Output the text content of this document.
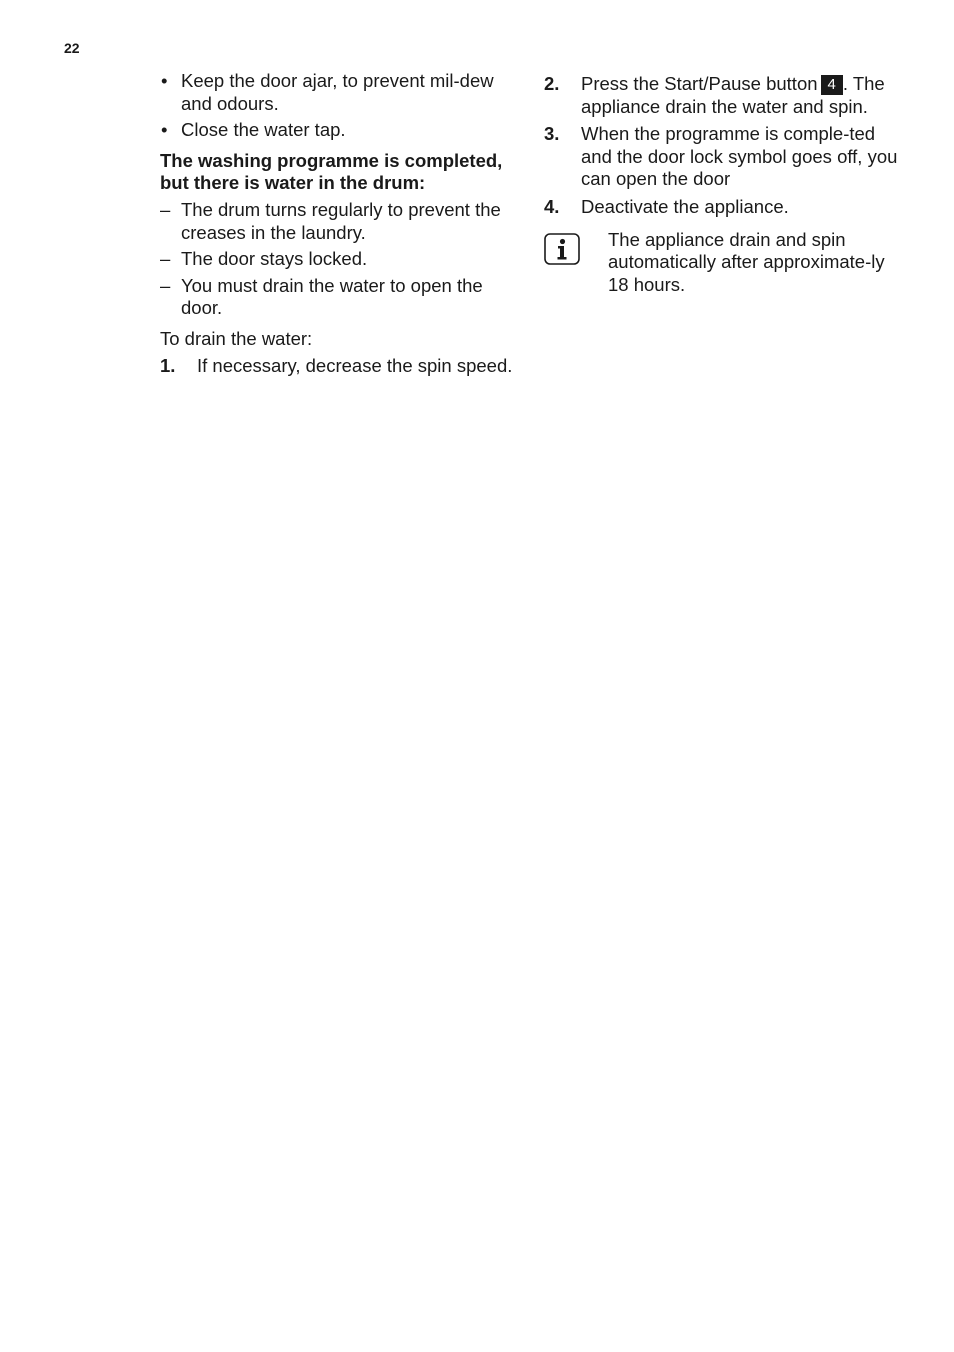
22
• Keep the door ajar, to prevent mil-dew and odours.
• Close the water tap.
The washing programme is completed, but there is water in the drum:
– The drum turns regularly to prevent the creases in the laundry.
– The door stays locked.
– You must drain the water to open the door.
To drain the water:
1. If necessary, decrease the spin speed.
2. Press the Start/Pause button 4 . The appliance drain the water and spin.
3. When the programme is comple-ted and the door lock symbol goes off, you can open the door
4. Deactivate the appliance.
The appliance drain and spin automatically after approximate-ly 18 hours.
